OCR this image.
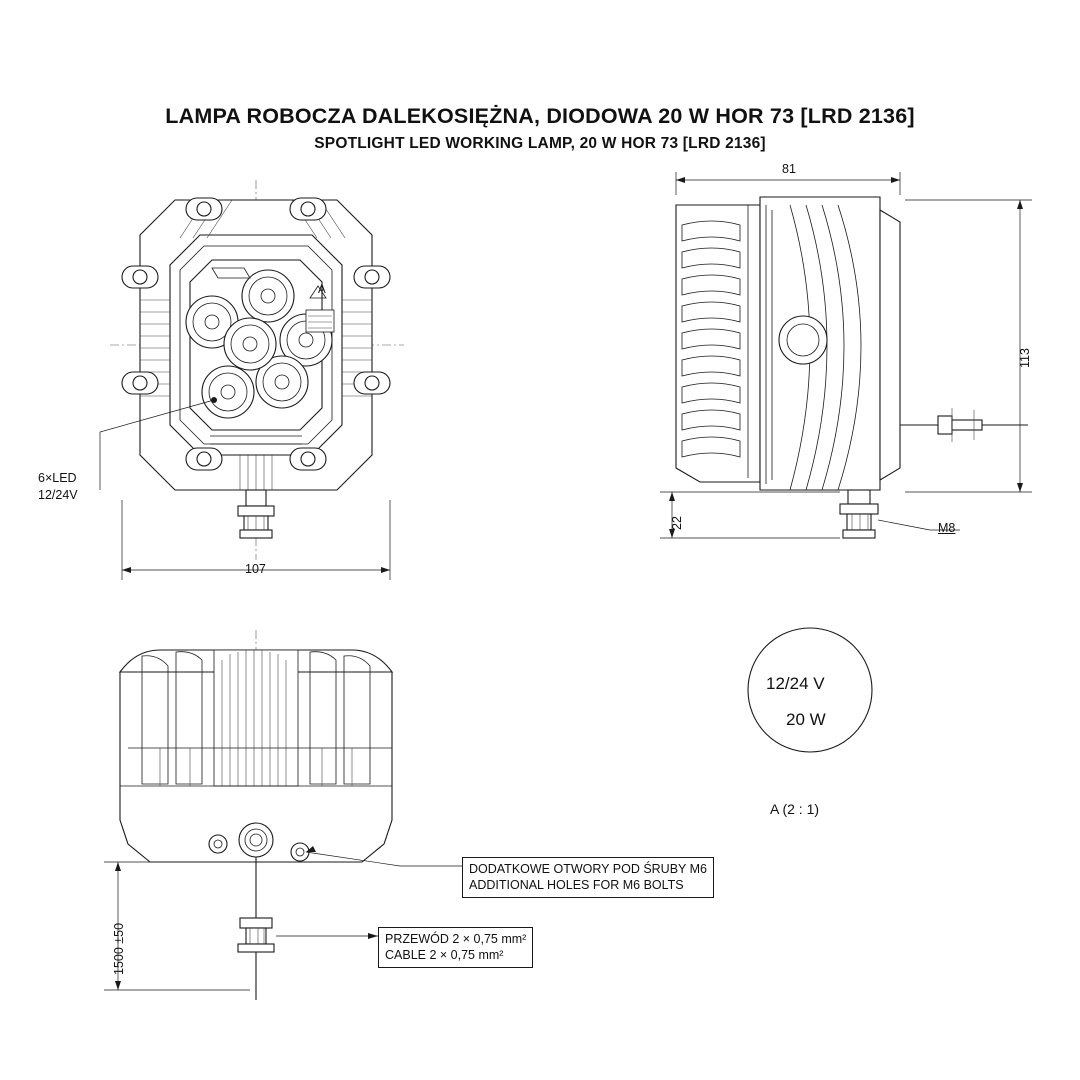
LAMPA ROBOCZA DALEKOSIĘŻNA, DIODOWA 20 W HOR 73 [LRD 2136]
SPOTLIGHT LED WORKING LAMP, 20 W HOR 73 [LRD 2136]
107
6×LED
12/24V
A
81
113
22	M8
12/24 V
20 W
A (2 : 1)
1500 ±50
DODATKOWE OTWORY POD ŚRUBY M6
ADDITIONAL HOLES FOR M6 BOLTS
PRZEWÓD 2 × 0,75 mm²
CABLE 2 × 0,75 mm²
